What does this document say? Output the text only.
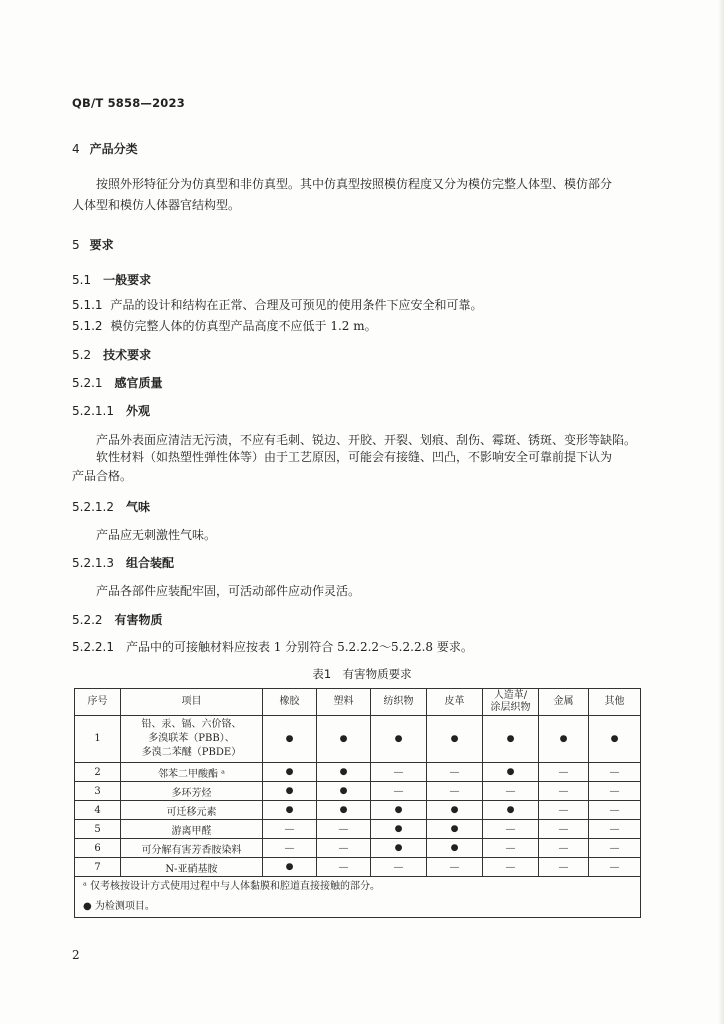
QB/T 5858—2023
4 产品分类
按照外形特征分为仿真型和非仿真型。其中仿真型按照模仿程度又分为模仿完整人体型、模仿部分
人体型和模仿人体器官结构型。
5 要求
5.1 一般要求
5.1.1 产品的设计和结构在正常、合理及可预见的使用条件下应安全和可靠。
5.1.2 模仿完整人体的仿真型产品高度不应低于 1.2 m。
5.2 技术要求
5.2.1 感官质量
5.2.1.1 外观
产品外表面应清洁无污渍，不应有毛刺、锐边、开胶、开裂、划痕、刮伤、霉斑、锈斑、变形等缺陷。
软性材料（如热塑性弹性体等）由于工艺原因，可能会有接缝、凹凸，不影响安全可靠前提下认为
产品合格。
5.2.1.2 气味
产品应无刺激性气味。
5.2.1.3 组合装配
产品各部件应装配牢固，可活动部件应动作灵活。
5.2.2 有害物质
5.2.2.1 产品中的可接触材料应按表 1 分别符合 5.2.2.2～5.2.2.8 要求。
表1　有害物质要求
序号	项目	橡胶	塑料	纺织物	皮革	人造革/
涂层织物	金属	其他
1	铅、汞、镉、六价铬、
多溴联苯（PBB）、
多溴二苯醚（PBDE）	●	●	●	●	●	●	●
2	邻苯二甲酸酯 ᵃ	●	●	—	—	●	—	—
3	多环芳烃	●	●	—	—	—	—	—
4	可迁移元素	●	●	●	●	●	—	—
5	游离甲醛	—	—	●	●	—	—	—
6	可分解有害芳香胺染料	—	—	●	●	—	—	—
7	N-亚硝基胺	●	—	—	—	—	—	—

ᵃ 仅考核按设计方式使用过程中与人体黏膜和腔道直接接触的部分。
● 为检测项目。								
2
